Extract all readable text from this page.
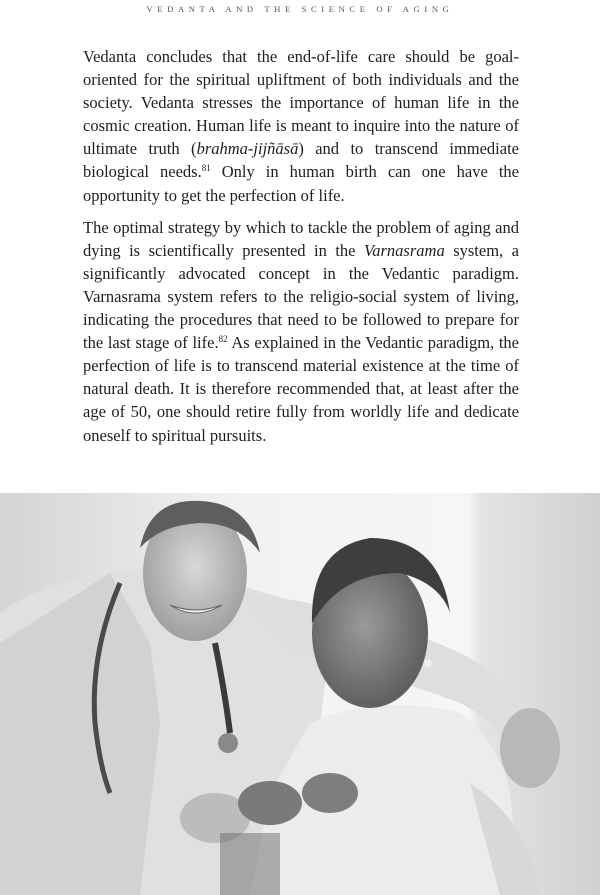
VEDANTA AND THE SCIENCE OF AGING

Vedanta concludes that the end-of-life care should be goal-oriented for the spiritual upliftment of both individuals and the society. Vedanta stresses the importance of human life in the cosmic creation. Human life is meant to inquire into the nature of ultimate truth (brahma-jijñāsā) and to transcend immediate biological needs.$^{81}$ Only in human birth can one have the opportunity to get the perfection of life.

The optimal strategy by which to tackle the problem of aging and dying is scientifically presented in the Varnasrama system, a significantly advocated concept in the Vedantic paradigm. Varnasrama system refers to the religio-social system of living, indicating the procedures that need to be followed to prepare for the last stage of life.$^{82}$ As explained in the Vedantic paradigm, the perfection of life is to transcend material existence at the time of natural death. It is therefore recommended that, at least after the age of 50, one should retire fully from worldly life and dedicate oneself to spiritual pursuits.
